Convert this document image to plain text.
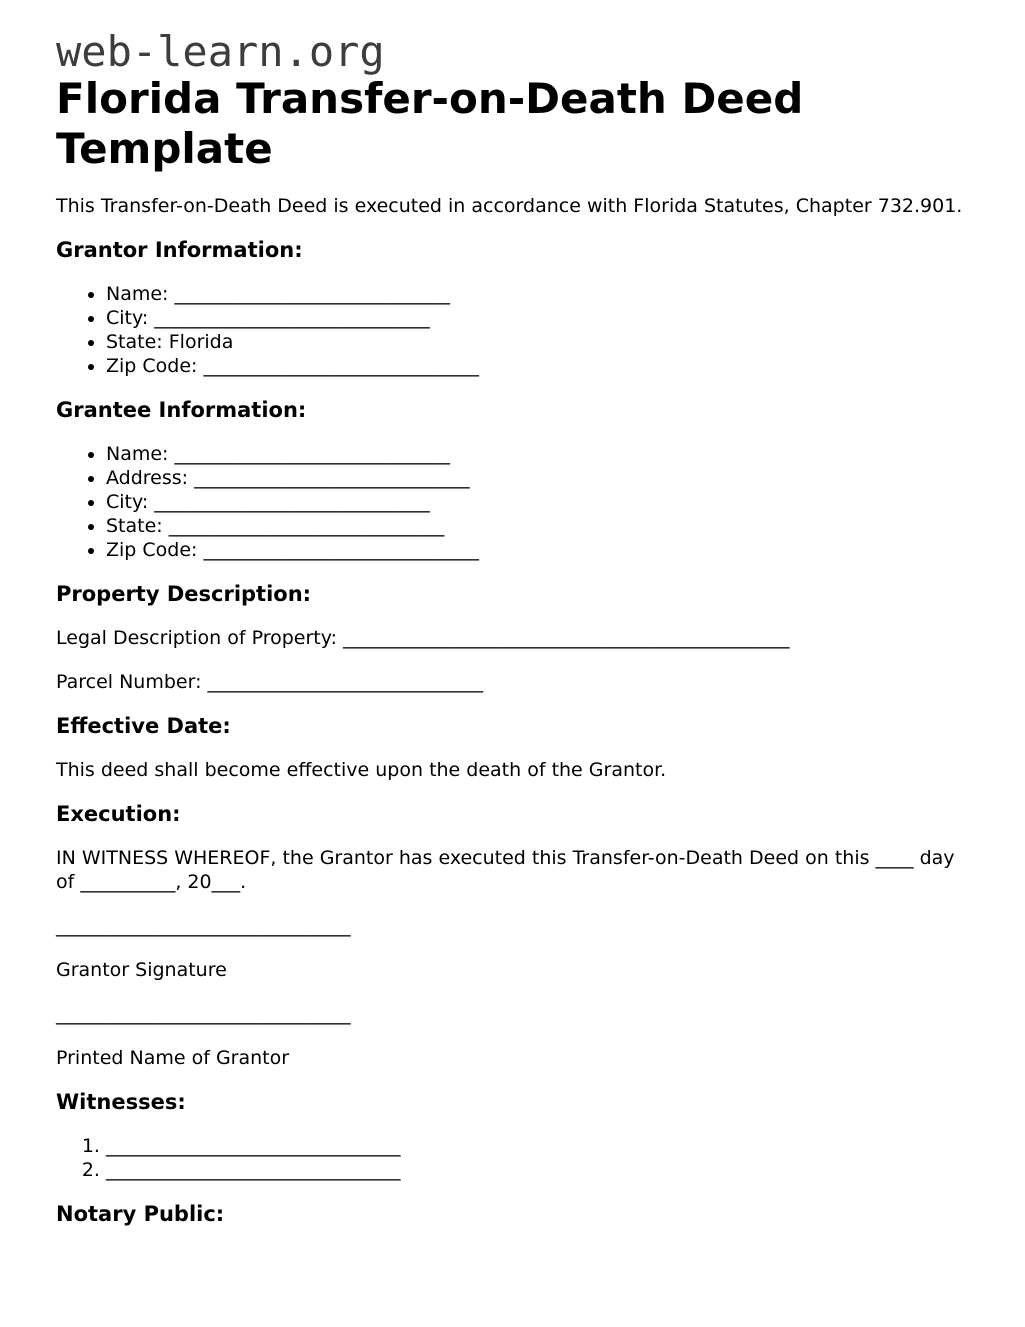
web-learn.org
Florida Transfer-on-Death Deed Template

This Transfer-on-Death Deed is executed in accordance with Florida Statutes, Chapter 732.901.

Grantor Information:
• Name: _____________________________
• City: _____________________________
• State: Florida
• Zip Code: _____________________________
Grantee Information:
• Name: _____________________________
• Address: _____________________________
• City: _____________________________
• State: _____________________________
• Zip Code: _____________________________
Property Description:

Legal Description of Property: _______________________________________________

Parcel Number: _____________________________

Effective Date:

This deed shall become effective upon the death of the Grantor.

Execution:

IN WITNESS WHEREOF, the Grantor has executed this Transfer-on-Death Deed on this ____ day of __________, 20___.

_______________________________

Grantor Signature

_______________________________

Printed Name of Grantor

Witnesses:
1. _______________________________
2. _______________________________
Notary Public:
